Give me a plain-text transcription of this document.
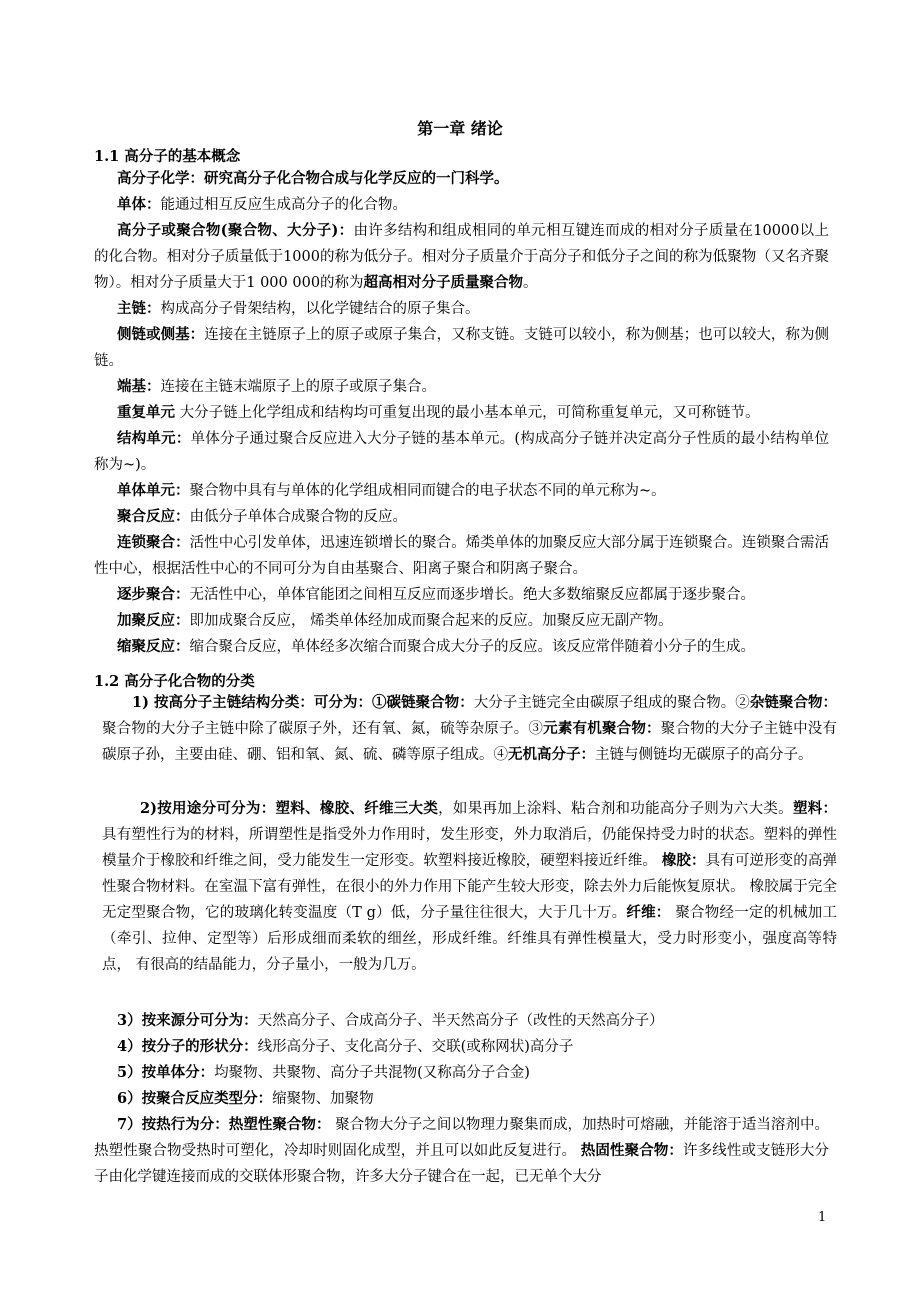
第一章 绪论
1.1 高分子的基本概念
高分子化学：研究高分子化合物合成与化学反应的一门科学。
单体：能通过相互反应生成高分子的化合物。
高分子或聚合物(聚合物、大分子)：由许多结构和组成相同的单元相互键连而成的相对分子质量在10000以上的化合物。相对分子质量低于1000的称为低分子。相对分子质量介于高分子和低分子之间的称为低聚物（又名齐聚物）。相对分子质量大于1 000 000的称为超高相对分子质量聚合物。
主链：构成高分子骨架结构，以化学键结合的原子集合。
侧链或侧基：连接在主链原子上的原子或原子集合，又称支链。支链可以较小，称为侧基；也可以较大，称为侧链。
端基：连接在主链末端原子上的原子或原子集合。
重复单元 大分子链上化学组成和结构均可重复出现的最小基本单元，可简称重复单元，又可称链节。
结构单元：单体分子通过聚合反应进入大分子链的基本单元。(构成高分子链并决定高分子性质的最小结构单位称为~)。
单体单元：聚合物中具有与单体的化学组成相同而键合的电子状态不同的单元称为~。
聚合反应：由低分子单体合成聚合物的反应。
连锁聚合：活性中心引发单体，迅速连锁增长的聚合。烯类单体的加聚反应大部分属于连锁聚合。连锁聚合需活性中心，根据活性中心的不同可分为自由基聚合、阳离子聚合和阴离子聚合。
逐步聚合：无活性中心，单体官能团之间相互反应而逐步增长。绝大多数缩聚反应都属于逐步聚合。
加聚反应：即加成聚合反应， 烯类单体经加成而聚合起来的反应。加聚反应无副产物。
缩聚反应：缩合聚合反应，单体经多次缩合而聚合成大分子的反应。该反应常伴随着小分子的生成。
1.2 高分子化合物的分类
1) 按高分子主链结构分类：可分为：①碳链聚合物：大分子主链完全由碳原子组成的聚合物。②杂链聚合物：聚合物的大分子主链中除了碳原子外，还有氧、氮，硫等杂原子。③元素有机聚合物：聚合物的大分子主链中没有碳原子孙，主要由硅、硼、铝和氧、氮、硫、磷等原子组成。④无机高分子：主链与侧链均无碳原子的高分子。
2)按用途分可分为：塑料、橡胶、纤维三大类，如果再加上涂料、粘合剂和功能高分子则为六大类。塑料：具有塑性行为的材料，所谓塑性是指受外力作用时，发生形变，外力取消后，仍能保持受力时的状态。塑料的弹性模量介于橡胶和纤维之间，受力能发生一定形变。软塑料接近橡胶，硬塑料接近纤维。 橡胶：具有可逆形变的高弹性聚合物材料。在室温下富有弹性，在很小的外力作用下能产生较大形变，除去外力后能恢复原状。 橡胶属于完全无定型聚合物，它的玻璃化转变温度（T g）低，分子量往往很大，大于几十万。纤维： 聚合物经一定的机械加工（牵引、拉伸、定型等）后形成细而柔软的细丝，形成纤维。纤维具有弹性模量大，受力时形变小，强度高等特点， 有很高的结晶能力，分子量小，一般为几万。
3）按来源分可分为：天然高分子、合成高分子、半天然高分子（改性的天然高分子）
4）按分子的形状分：线形高分子、支化高分子、交联(或称网状)高分子
5）按单体分：均聚物、共聚物、高分子共混物(又称高分子合金)
6）按聚合反应类型分：缩聚物、加聚物
7）按热行为分：热塑性聚合物： 聚合物大分子之间以物理力聚集而成，加热时可熔融，并能溶于适当溶剂中。热塑性聚合物受热时可塑化，冷却时则固化成型，并且可以如此反复进行。 热固性聚合物：许多线性或支链形大分子由化学键连接而成的交联体形聚合物，许多大分子键合在一起，已无单个大分
1
